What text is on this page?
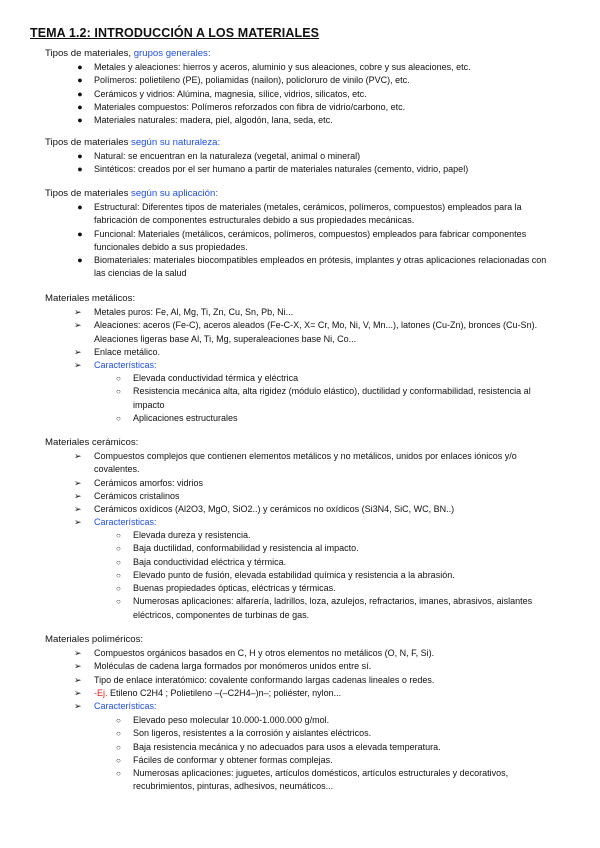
TEMA 1.2: INTRODUCCIÓN A LOS MATERIALES
Tipos de materiales, grupos generales:
●	Metales y aleaciones: hierros y aceros, aluminio y sus aleaciones, cobre y sus aleaciones, etc.
●	Polímeros: polietileno (PE), poliamidas (nailon), policloruro de vinilo (PVC), etc.
●	Cerámicos y vidrios: Alúmina, magnesia, sílice, vidrios, silicatos, etc.
●	Materiales compuestos: Polímeros reforzados con fibra de vidrio/carbono, etc.
●	Materiales naturales: madera, piel, algodón, lana, seda, etc.
Tipos de materiales según su naturaleza:
●	Natural: se encuentran en la naturaleza (vegetal, animal o mineral)
●	Sintéticos: creados por el ser humano a partir de materiales naturales (cemento, vidrio, papel)
Tipos de materiales según su aplicación:
●	Estructural: Diferentes tipos de materiales (metales, cerámicos, polímeros, compuestos) empleados para la fabricación de componentes estructurales debido a sus propiedades mecánicas.
●	Funcional: Materiales (metálicos, cerámicos, polímeros, compuestos) empleados para fabricar componentes funcionales debido a sus propiedades.
●	Biomateriales: materiales biocompatibles empleados en prótesis, implantes y otras aplicaciones relacionadas con las ciencias de la salud
Materiales metálicos:
➢	Metales puros: Fe, Al, Mg, Ti, Zn, Cu, Sn, Pb, Ni...
➢	Aleaciones: aceros (Fe-C), aceros aleados (Fe-C-X, X= Cr, Mo, Ni, V, Mn...), latones (Cu-Zn), bronces (Cu-Sn). Aleaciones ligeras base Al, Ti, Mg, superaleaciones base Ni, Co...
➢	Enlace metálico.
➢	Características:
○ Elevada conductividad térmica y eléctrica
○ Resistencia mecánica alta, alta rigidez (módulo elástico), ductilidad y conformabilidad, resistencia al impacto
○ Aplicaciones estructurales
Materiales cerámicos:
➢	Compuestos complejos que contienen elementos metálicos y no metálicos, unidos por enlaces iónicos y/o covalentes.
➢	Cerámicos amorfos: vidrios
➢	Cerámicos cristalinos
➢	Cerámicos oxídicos (Al2O3, MgO, SiO2..) y cerámicos no oxídicos (Si3N4, SiC, WC, BN..)
➢	Características:
○ Elevada dureza y resistencia.
○ Baja ductilidad, conformabilidad y resistencia al impacto.
○ Baja conductividad eléctrica y térmica.
○ Elevado punto de fusión, elevada estabilidad química y resistencia a la abrasión.
○ Buenas propiedades ópticas, eléctricas y térmicas.
○ Numerosas aplicaciones: alfarería, ladrillos, loza, azulejos, refractarios, imanes, abrasivos, aislantes eléctricos, componentes de turbinas de gas.
Materiales poliméricos:
➢	Compuestos orgánicos basados en C, H y otros elementos no metálicos (O, N, F, Si).
➢	Moléculas de cadena larga formados por monómeros unidos entre sí.
➢	Tipo de enlace interatómico: covalente conformando largas cadenas lineales o redes.
➢	-Ej. Etileno C2H4 ; Polietileno –(–C2H4–)n–; poliéster, nylon...
➢	Características:
○ Elevado peso molecular 10.000-1.000.000 g/mol.
○ Son ligeros, resistentes a la corrosión y aislantes eléctricos.
○ Baja resistencia mecánica y no adecuados para usos a elevada temperatura.
○ Fáciles de conformar y obtener formas complejas.
○ Numerosas aplicaciones: juguetes, artículos domésticos, artículos estructurales y decorativos, recubrimientos, pinturas, adhesivos, neumáticos...
